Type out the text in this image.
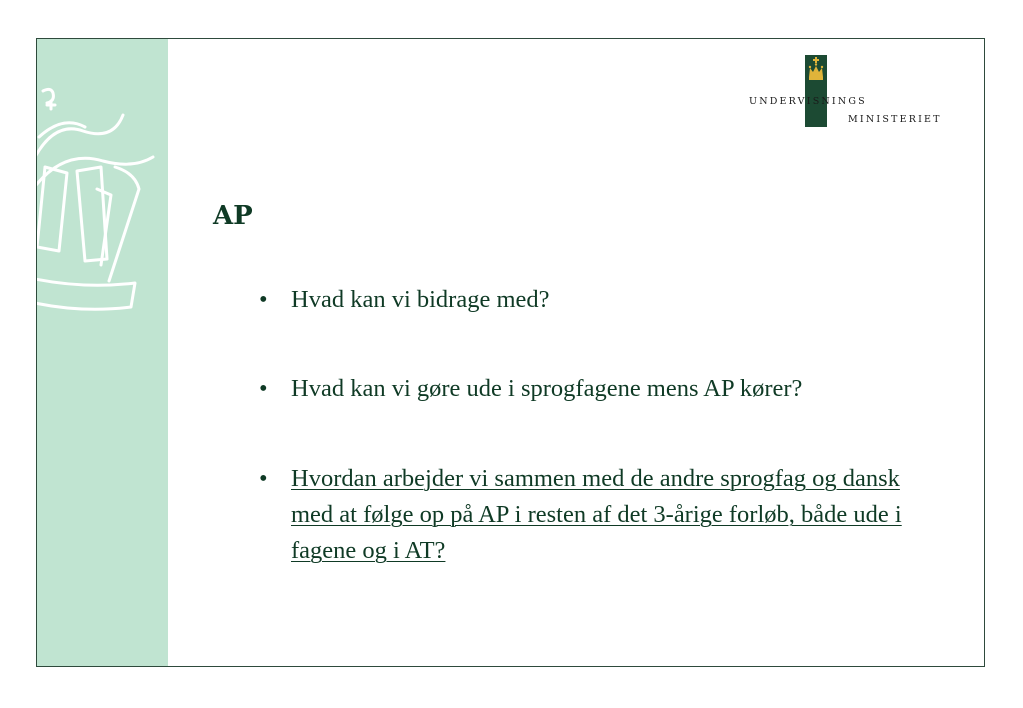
UNDERVISNINGS
MINISTERIET
AP
• Hvad kan vi bidrage med?
• Hvad kan vi gøre ude i sprogfagene mens AP kører?
• Hvordan arbejder vi sammen med de andre sprogfag og dansk med at følge op på AP i resten af det 3-årige forløb, både ude i fagene og i AT?
